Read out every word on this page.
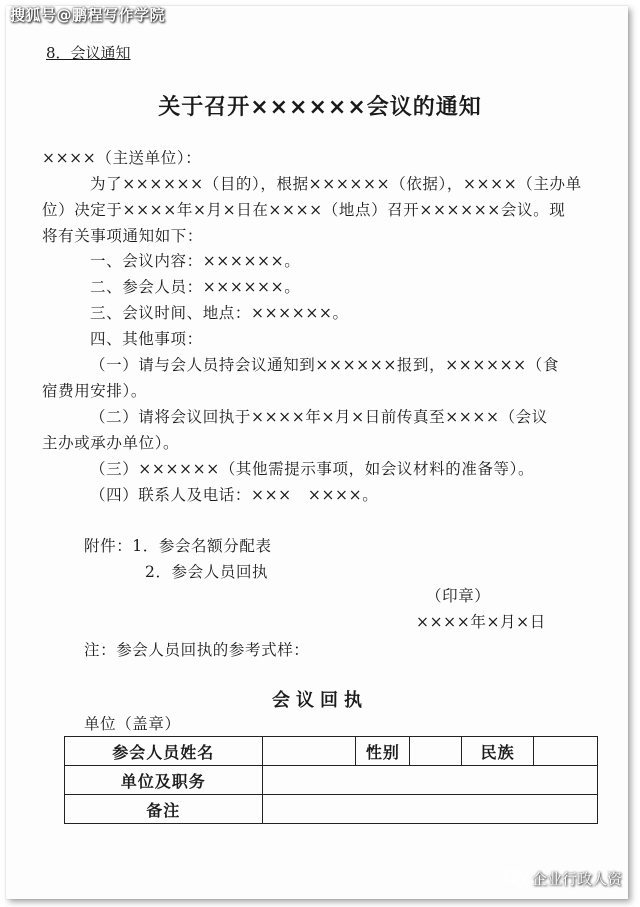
搜狐号@鹏程写作学院
8．会议通知
关于召开××××××会议的通知
××××（主送单位）：
为了××××××（目的），根据××××××（依据），××××（主办单
位）决定于××××年×月×日在××××（地点）召开××××××会议。现
将有关事项通知如下：
一、会议内容：××××××。
二、参会人员：××××××。
三、会议时间、地点：××××××。
四、其他事项：
（一）请与会人员持会议通知到××××××报到，××××××（食
宿费用安排）。
（二）请将会议回执于××××年×月×日前传真至××××（会议
主办或承办单位）。
（三）××××××（其他需提示事项，如会议材料的准备等）。
（四）联系人及电话：×××　××××。
附件：1．参会名额分配表
2．参会人员回执
（印章）
××××年×月×日
注：参会人员回执的参考式样：
会议回执
单位（盖章）
参会人员姓名		性别		民族	
单位及职务					
备注					
企业行政人资
